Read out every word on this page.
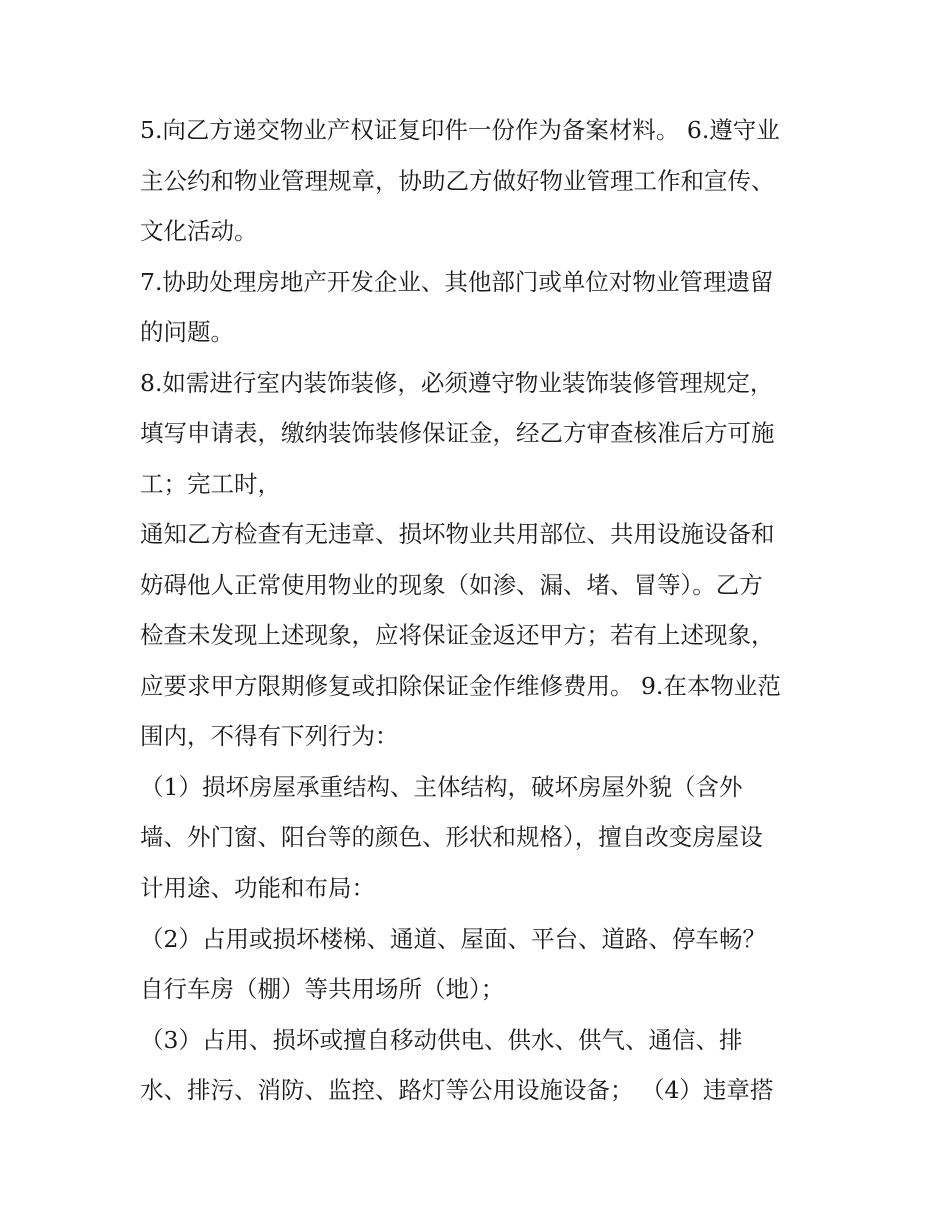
5.向乙方递交物业产权证复印件一份作为备案材料。 6.遵守业
主公约和物业管理规章，协助乙方做好物业管理工作和宣传、
文化活动。
7.协助处理房地产开发企业、其他部门或单位对物业管理遗留
的问题。
8.如需进行室内装饰装修，必须遵守物业装饰装修管理规定，
填写申请表，缴纳装饰装修保证金，经乙方审查核准后方可施
工；完工时，
通知乙方检查有无违章、损坏物业共用部位、共用设施设备和
妨碍他人正常使用物业的现象（如渗、漏、堵、冒等）。乙方
检查未发现上述现象，应将保证金返还甲方；若有上述现象，
应要求甲方限期修复或扣除保证金作维修费用。 9.在本物业范
围内，不得有下列行为：
（1）损坏房屋承重结构、主体结构，破坏房屋外貌（含外
墙、外门窗、阳台等的颜色、形状和规格），擅自改变房屋设
计用途、功能和布局：
（2）占用或损坏楼梯、通道、屋面、平台、道路、停车畅？
自行车房（棚）等共用场所（地）；
（3）占用、损坏或擅自移动供电、供水、供气、通信、排
水、排污、消防、监控、路灯等公用设施设备； （4）违章搭
